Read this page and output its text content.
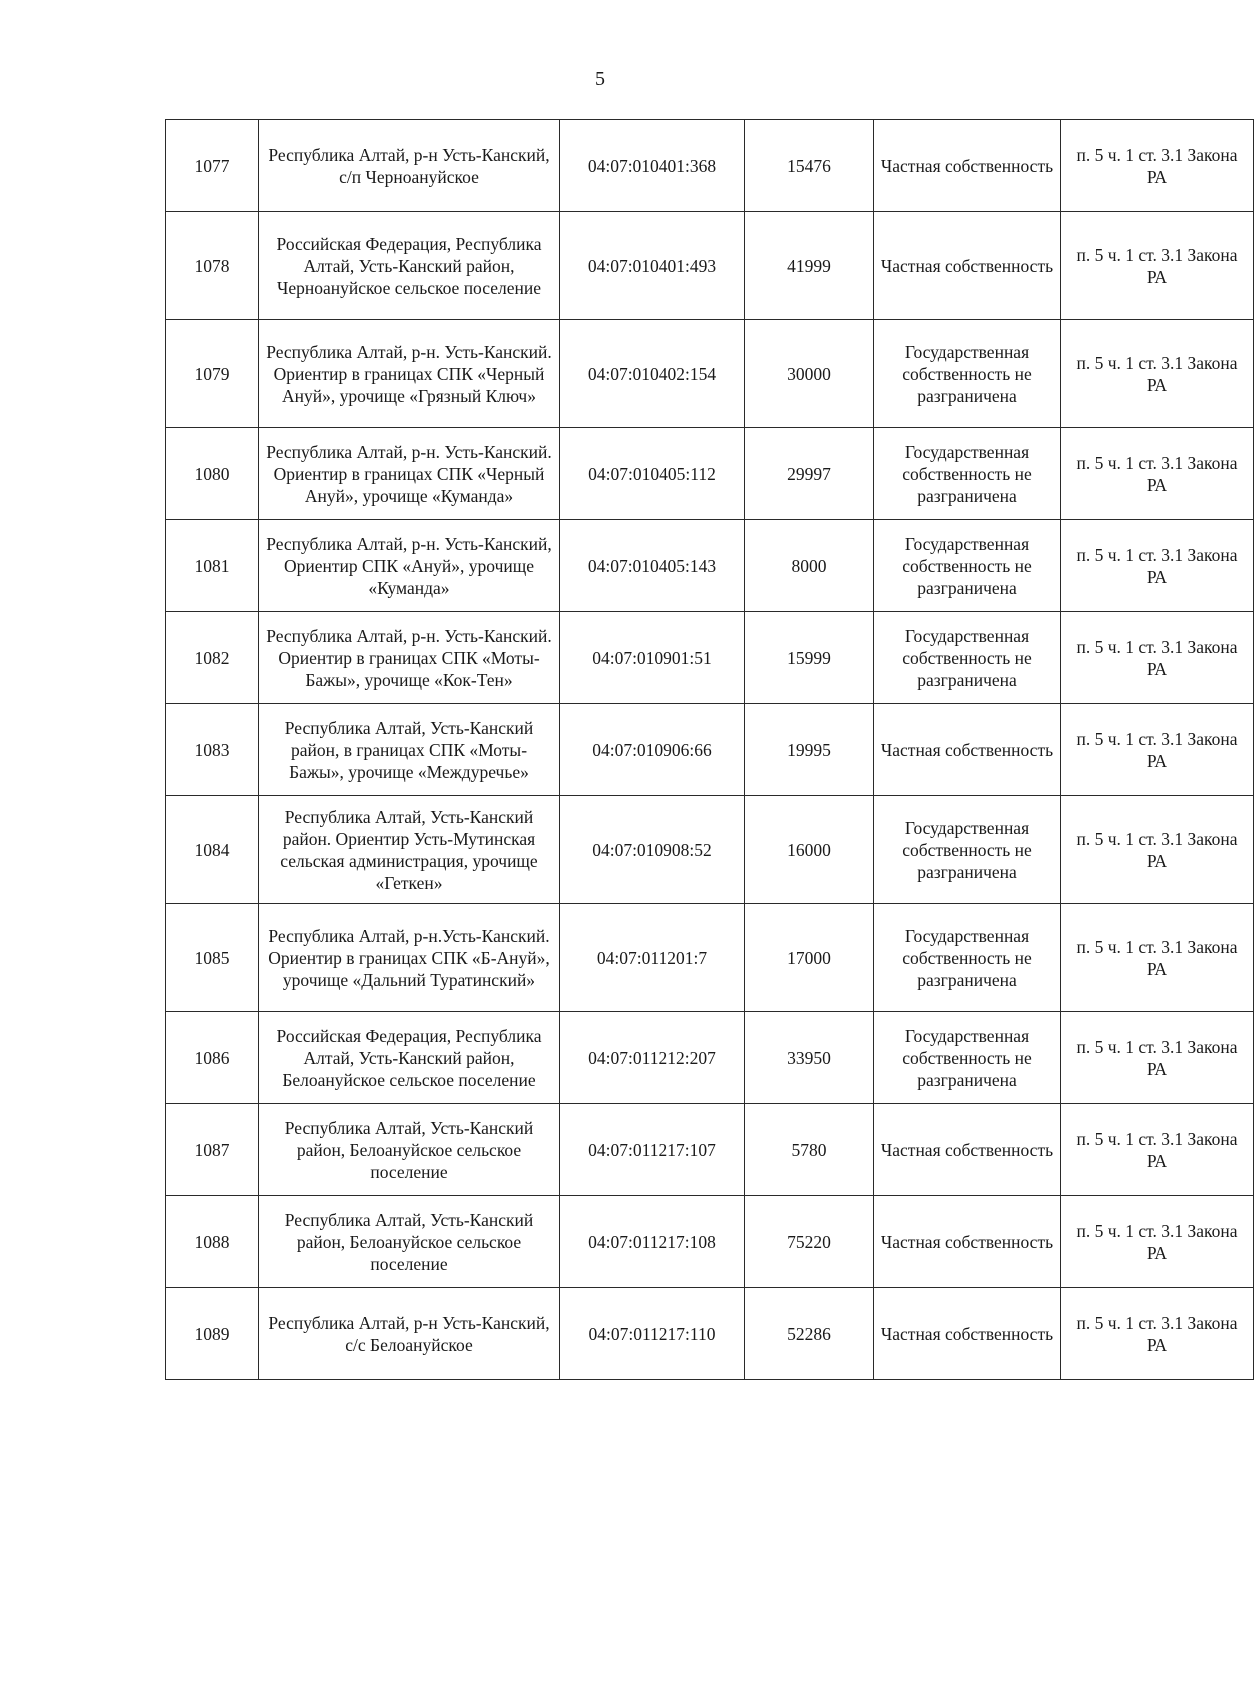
5
1077	Республика Алтай, р-н Усть-Канский, с/п Черноануйское	04:07:010401:368	15476	Частная собственность	п. 5 ч. 1 ст. 3.1 Закона РА
1078	Российская Федерация, Республика Алтай, Усть-Канский район, Черноануйское сельское поселение	04:07:010401:493	41999	Частная собственность	п. 5 ч. 1 ст. 3.1 Закона РА
1079	Республика Алтай, р-н. Усть-Канский. Ориентир в границах СПК «Черный Ануй», урочище «Грязный Ключ»	04:07:010402:154	30000	Государственная собственность не разграничена	п. 5 ч. 1 ст. 3.1 Закона РА
1080	Республика Алтай, р-н. Усть-Канский. Ориентир в границах СПК «Черный Ануй», урочище «Куманда»	04:07:010405:112	29997	Государственная собственность не разграничена	п. 5 ч. 1 ст. 3.1 Закона РА
1081	Республика Алтай, р-н. Усть-Канский, Ориентир СПК «Ануй», урочище «Куманда»	04:07:010405:143	8000	Государственная собственность не разграничена	п. 5 ч. 1 ст. 3.1 Закона РА
1082	Республика Алтай, р-н. Усть-Канский. Ориентир в границах СПК «Моты-Бажы», урочище «Кок-Тен»	04:07:010901:51	15999	Государственная собственность не разграничена	п. 5 ч. 1 ст. 3.1 Закона РА
1083	Республика Алтай, Усть-Канский район, в границах СПК «Моты-Бажы», урочище «Междуречье»	04:07:010906:66	19995	Частная собственность	п. 5 ч. 1 ст. 3.1 Закона РА
1084	Республика Алтай, Усть-Канский район. Ориентир Усть-Мутинская сельская администрация, урочище «Геткен»	04:07:010908:52	16000	Государственная собственность не разграничена	п. 5 ч. 1 ст. 3.1 Закона РА
1085	Республика Алтай, р-н.Усть-Канский. Ориентир в границах СПК «Б-Ануй», урочище «Дальний Туратинский»	04:07:011201:7	17000	Государственная собственность не разграничена	п. 5 ч. 1 ст. 3.1 Закона РА
1086	Российская Федерация, Республика Алтай, Усть-Канский район, Белоануйское сельское поселение	04:07:011212:207	33950	Государственная собственность не разграничена	п. 5 ч. 1 ст. 3.1 Закона РА
1087	Республика Алтай, Усть-Канский район, Белоануйское сельское поселение	04:07:011217:107	5780	Частная собственность	п. 5 ч. 1 ст. 3.1 Закона РА
1088	Республика Алтай, Усть-Канский район, Белоануйское сельское поселение	04:07:011217:108	75220	Частная собственность	п. 5 ч. 1 ст. 3.1 Закона РА
1089	Республика Алтай, р-н Усть-Канский, с/с Белоануйское	04:07:011217:110	52286	Частная собственность	п. 5 ч. 1 ст. 3.1 Закона РА
